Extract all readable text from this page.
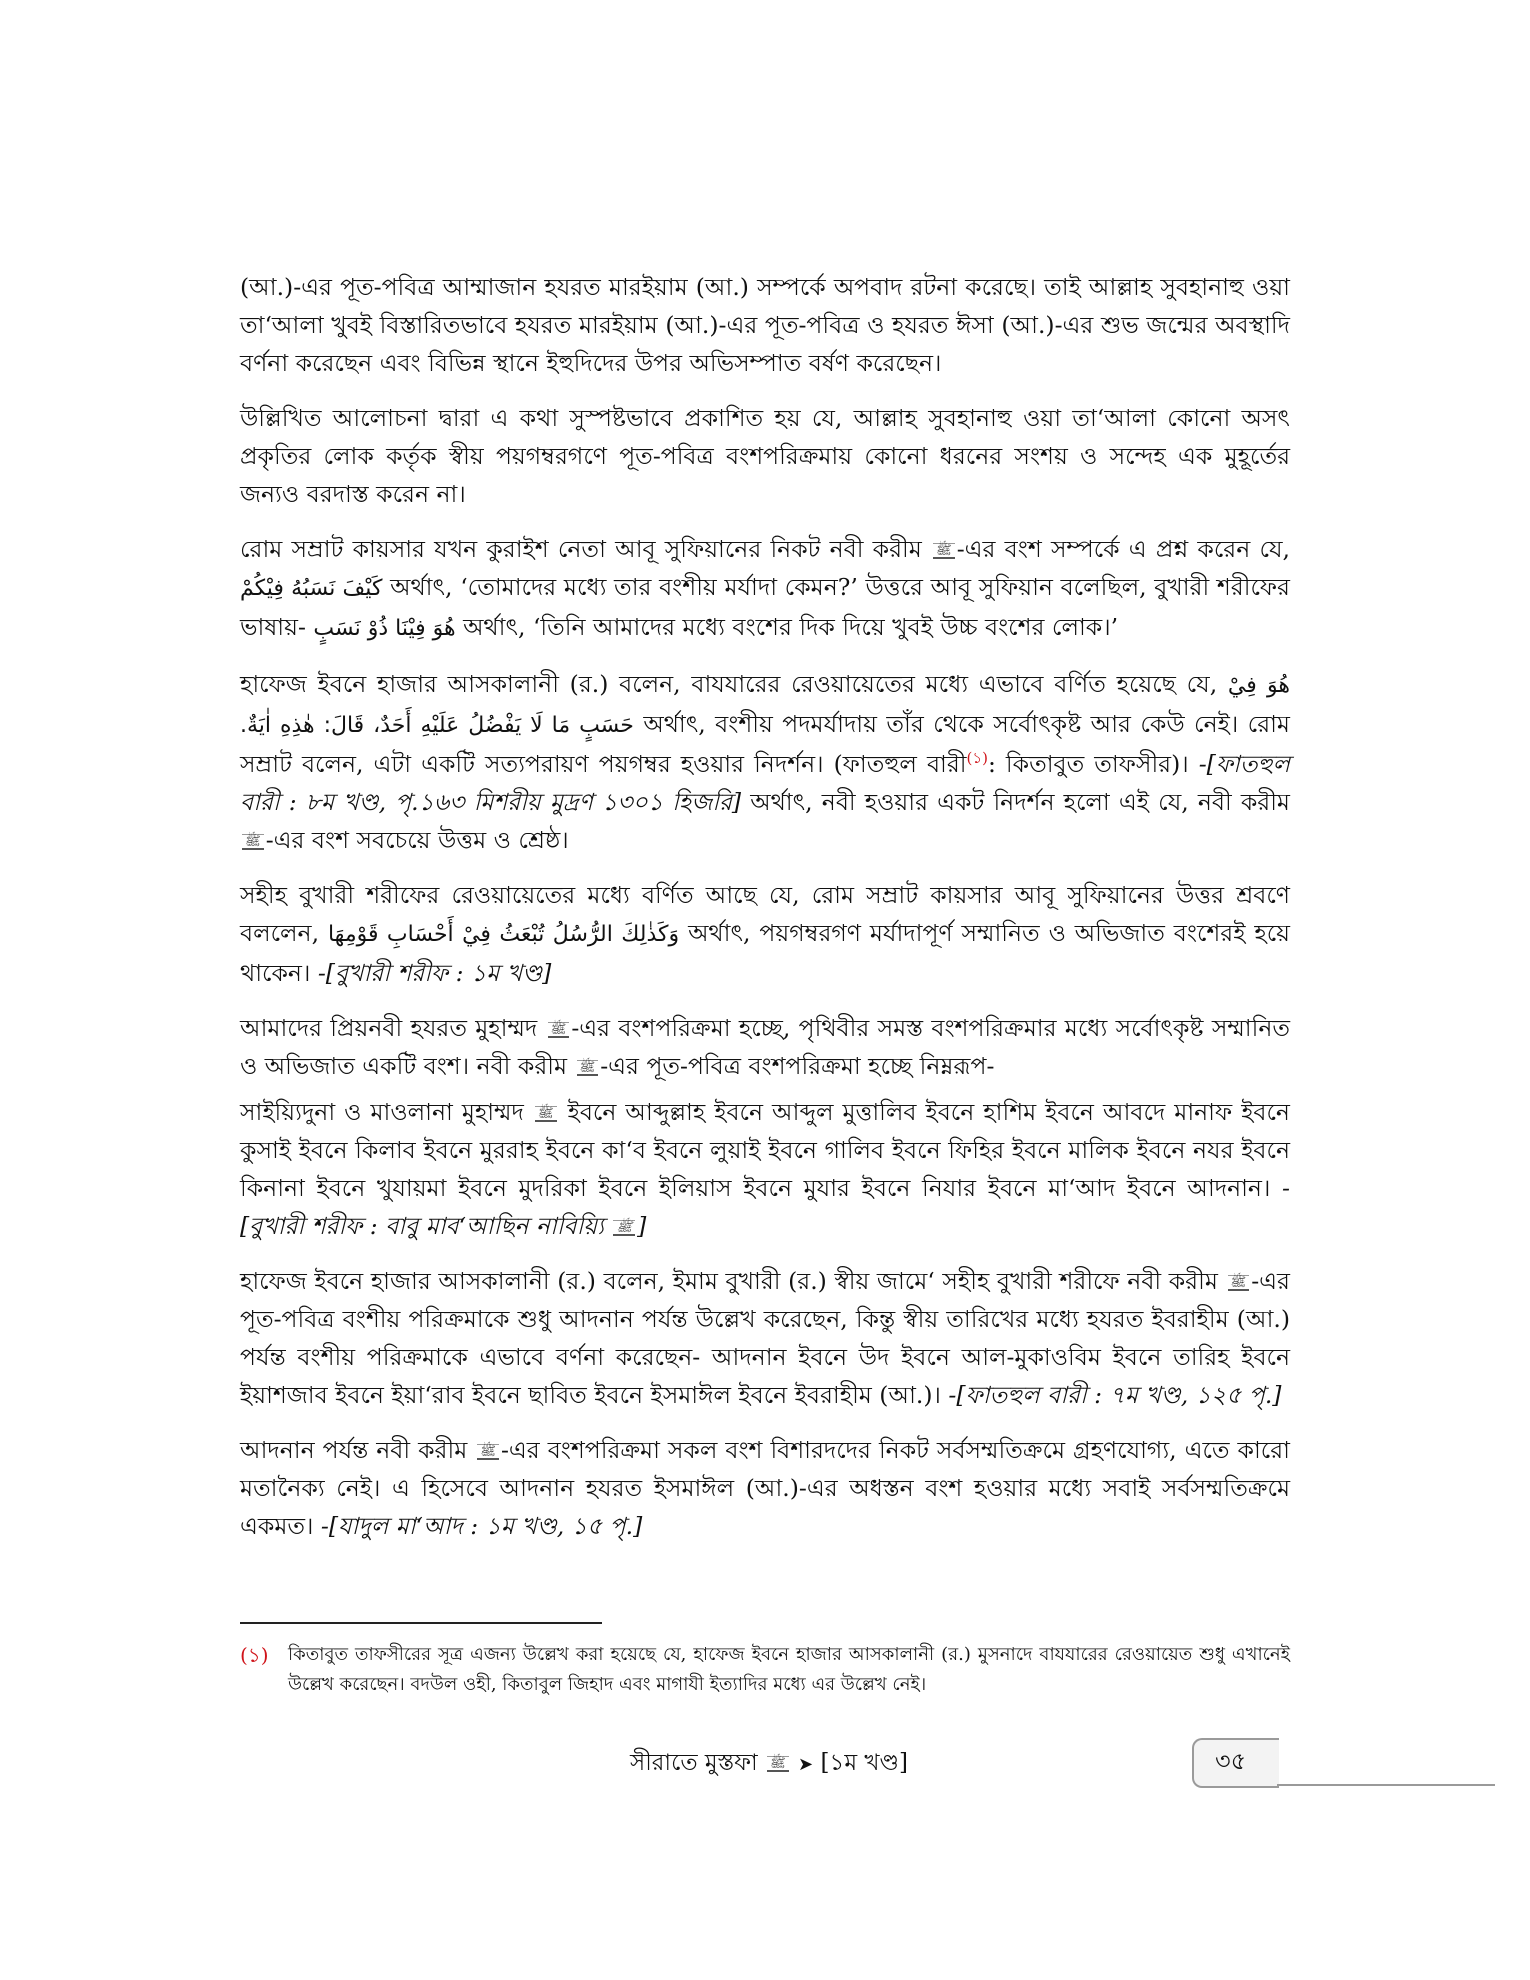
(আ.)-এর পূত-পবিত্র আম্মাজান হযরত মারইয়াম (আ.) সম্পর্কে অপবাদ রটনা করেছে। তাই আল্লাহ সুবহানাহু ওয়া তা‘আলা খুবই বিস্তারিতভাবে হযরত মারইয়াম (আ.)-এর পূত-পবিত্র ও হযরত ঈসা (আ.)-এর শুভ জন্মের অবস্থাদি বর্ণনা করেছেন এবং বিভিন্ন স্থানে ইহুদিদের উপর অভিসম্পাত বর্ষণ করেছেন।

উল্লিখিত আলোচনা দ্বারা এ কথা সুস্পষ্টভাবে প্রকাশিত হয় যে, আল্লাহ সুবহানাহু ওয়া তা‘আলা কোনো অসৎ প্রকৃতির লোক কর্তৃক স্বীয় পয়গম্বরগণে পূত-পবিত্র বংশপরিক্রমায় কোনো ধরনের সংশয় ও সন্দেহ এক মুহূর্তের জন্যও বরদাস্ত করেন না।

রোম সম্রাট কায়সার যখন কুরাইশ নেতা আবূ সুফিয়ানের নিকট নবী করীম ﷺ -এর বংশ সম্পর্কে এ প্রশ্ন করেন যে, كَيْفَ نَسَبُهُ فِيْكُمْ অর্থাৎ, ‘তোমাদের মধ্যে তার বংশীয় মর্যাদা কেমন?’ উত্তরে আবূ সুফিয়ান বলেছিল, বুখারী শরীফের ভাষায়- هُوَ فِيْنَا ذُوْ نَسَبٍ অর্থাৎ, ‘তিনি আমাদের মধ্যে বংশের দিক দিয়ে খুবই উচ্চ বংশের লোক।’

হাফেজ ইবনে হাজার আসকালানী (র.) বলেন, বাযযারের রেওয়ায়েতের মধ্যে এভাবে বর্ণিত হয়েছে যে, هُوَ فِيْ حَسَبٍ مَا لَا يَفْضُلُ عَلَيْهِ أَحَدٌ، قَالَ: هٰذِهِ اٰيَةٌ. অর্থাৎ, বংশীয় পদমর্যাদায় তাঁর থেকে সর্বোৎকৃষ্ট আর কেউ নেই। রোম সম্রাট বলেন, এটা একটি সত্যপরায়ণ পয়গম্বর হওয়ার নিদর্শন। (ফাতহুল বারী$^{(১)}$: কিতাবুত তাফসীর)। -[ফাতহুল বারী : ৮ম খণ্ড, পৃ.১৬৩ মিশরীয় মুদ্রণ ১৩০১ হিজরি] অর্থাৎ, নবী হওয়ার একট নিদর্শন হলো এই যে, নবী করীম ﷺ -এর বংশ সবচেয়ে উত্তম ও শ্রেষ্ঠ।

সহীহ বুখারী শরীফের রেওয়ায়েতের মধ্যে বর্ণিত আছে যে, রোম সম্রাট কায়সার আবূ সুফিয়ানের উত্তর শ্রবণে বললেন, وَكَذٰلِكَ الرُّسُلُ تُبْعَثُ فِيْ أَحْسَابِ قَوْمِهَا অর্থাৎ, পয়গম্বরগণ মর্যাদাপূর্ণ সম্মানিত ও অভিজাত বংশেরই হয়ে থাকেন। -[বুখারী শরীফ : ১ম খণ্ড]

আমাদের প্রিয়নবী হযরত মুহাম্মদ ﷺ -এর বংশপরিক্রমা হচ্ছে, পৃথিবীর সমস্ত বংশপরিক্রমার মধ্যে সর্বোৎকৃষ্ট সম্মানিত ও অভিজাত একটি বংশ। নবী করীম ﷺ -এর পূত-পবিত্র বংশপরিক্রমা হচ্ছে নিম্নরূপ-

সাইয়্যিদুনা ও মাওলানা মুহাম্মদ ﷺ ইবনে আব্দুল্লাহ ইবনে আব্দুল মুত্তালিব ইবনে হাশিম ইবনে আবদে মানাফ ইবনে কুসাই ইবনে কিলাব ইবনে মুররাহ ইবনে কা‘ব ইবনে লুয়াই ইবনে গালিব ইবনে ফিহির ইবনে মালিক ইবনে নযর ইবনে কিনানা ইবনে খুযায়মা ইবনে মুদরিকা ইবনে ইলিয়াস ইবনে মুযার ইবনে নিযার ইবনে মা‘আদ ইবনে আদনান। -[বুখারী শরীফ : বাবু মাব‘আছিন নাবিয়্যি ﷺ ]

হাফেজ ইবনে হাজার আসকালানী (র.) বলেন, ইমাম বুখারী (র.) স্বীয় জামে‘ সহীহ বুখারী শরীফে নবী করীম ﷺ -এর পূত-পবিত্র বংশীয় পরিক্রমাকে শুধু আদনান পর্যন্ত উল্লেখ করেছেন, কিন্তু স্বীয় তারিখের মধ্যে হযরত ইবরাহীম (আ.) পর্যন্ত বংশীয় পরিক্রমাকে এভাবে বর্ণনা করেছেন- আদনান ইবনে উদ ইবনে আল-মুকাওবিম ইবনে তারিহ ইবনে ইয়াশজাব ইবনে ইয়া‘রাব ইবনে ছাবিত ইবনে ইসমাঈল ইবনে ইবরাহীম (আ.)। -[ফাতহুল বারী : ৭ম খণ্ড, ১২৫ পৃ.]

আদনান পর্যন্ত নবী করীম ﷺ -এর বংশপরিক্রমা সকল বংশ বিশারদদের নিকট সর্বসম্মতিক্রমে গ্রহণযোগ্য, এতে কারো মতানৈক্য নেই। এ হিসেবে আদনান হযরত ইসমাঈল (আ.)-এর অধস্তন বংশ হওয়ার মধ্যে সবাই সর্বসম্মতিক্রমে একমত। -[যাদুল মা‘আদ : ১ম খণ্ড, ১৫ পৃ.]

(১) কিতাবুত তাফসীরের সূত্র এজন্য উল্লেখ করা হয়েছে যে, হাফেজ ইবনে হাজার আসকালানী (র.) মুসনাদে বাযযারের রেওয়ায়েত শুধু এখানেই উল্লেখ করেছেন। বদউল ওহী, কিতাবুল জিহাদ এবং মাগাযী ইত্যাদির মধ্যে এর উল্লেখ নেই।
সীরাতে মুস্তফা ﷺ ➤ [১ম খণ্ড]	৩৫
